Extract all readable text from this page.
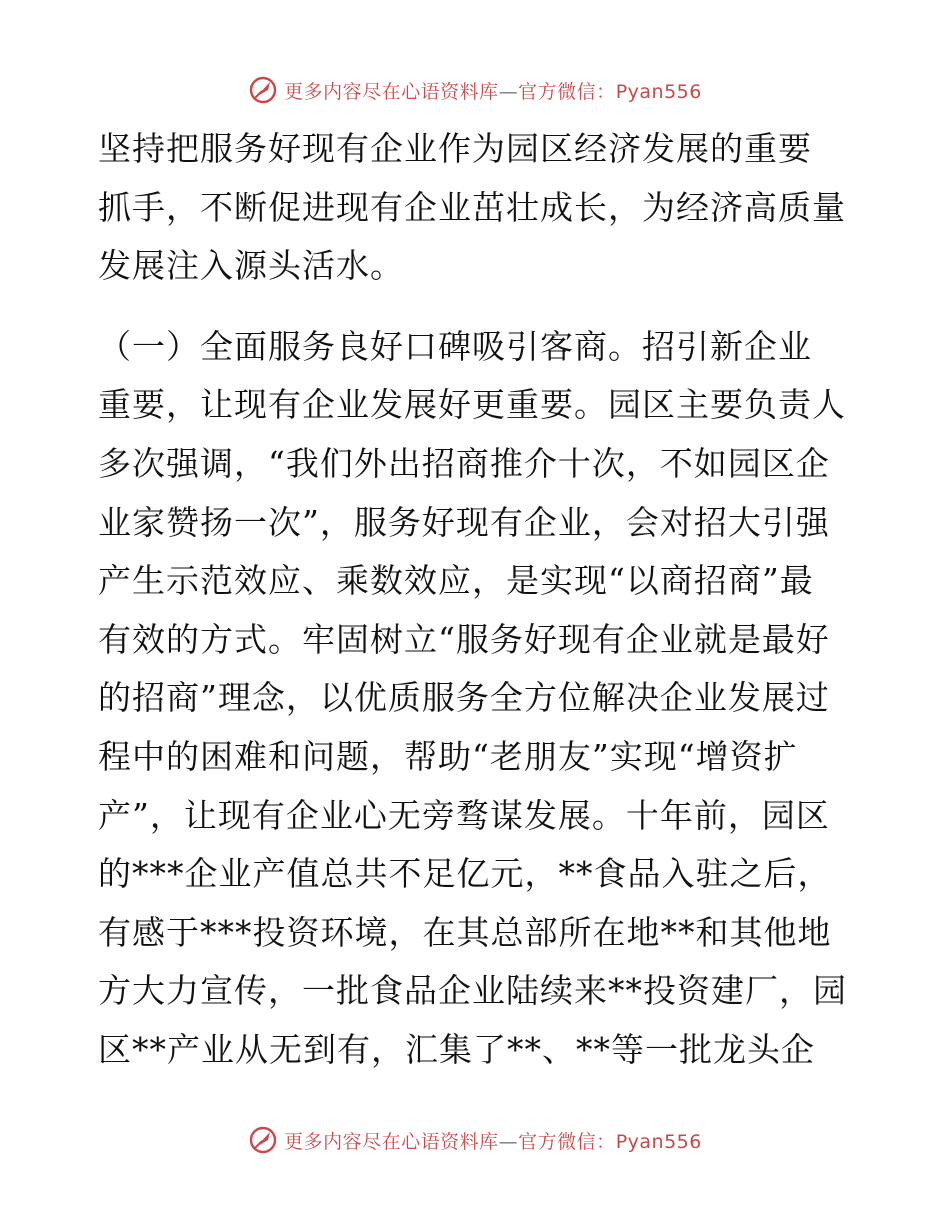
更多内容尽在心语资料库—官方微信：Pyan556

坚持把服务好现有企业作为园区经济发展的重要
抓手，不断促进现有企业茁壮成长，为经济高质量
发展注入源头活水。

（一）全面服务良好口碑吸引客商。招引新企业
重要，让现有企业发展好更重要。园区主要负责人
多次强调，“我们外出招商推介十次，不如园区企
业家赞扬一次”，服务好现有企业，会对招大引强
产生示范效应、乘数效应，是实现“以商招商”最
有效的方式。牢固树立“服务好现有企业就是最好
的招商”理念，以优质服务全方位解决企业发展过
程中的困难和问题，帮助“老朋友”实现“增资扩
产”，让现有企业心无旁骛谋发展。十年前，园区
的***企业产值总共不足亿元，**食品入驻之后，
有感于***投资环境，在其总部所在地**和其他地
方大力宣传，一批食品企业陆续来**投资建厂，园
区**产业从无到有，汇集了**、**等一批龙头企

更多内容尽在心语资料库—官方微信：Pyan556
